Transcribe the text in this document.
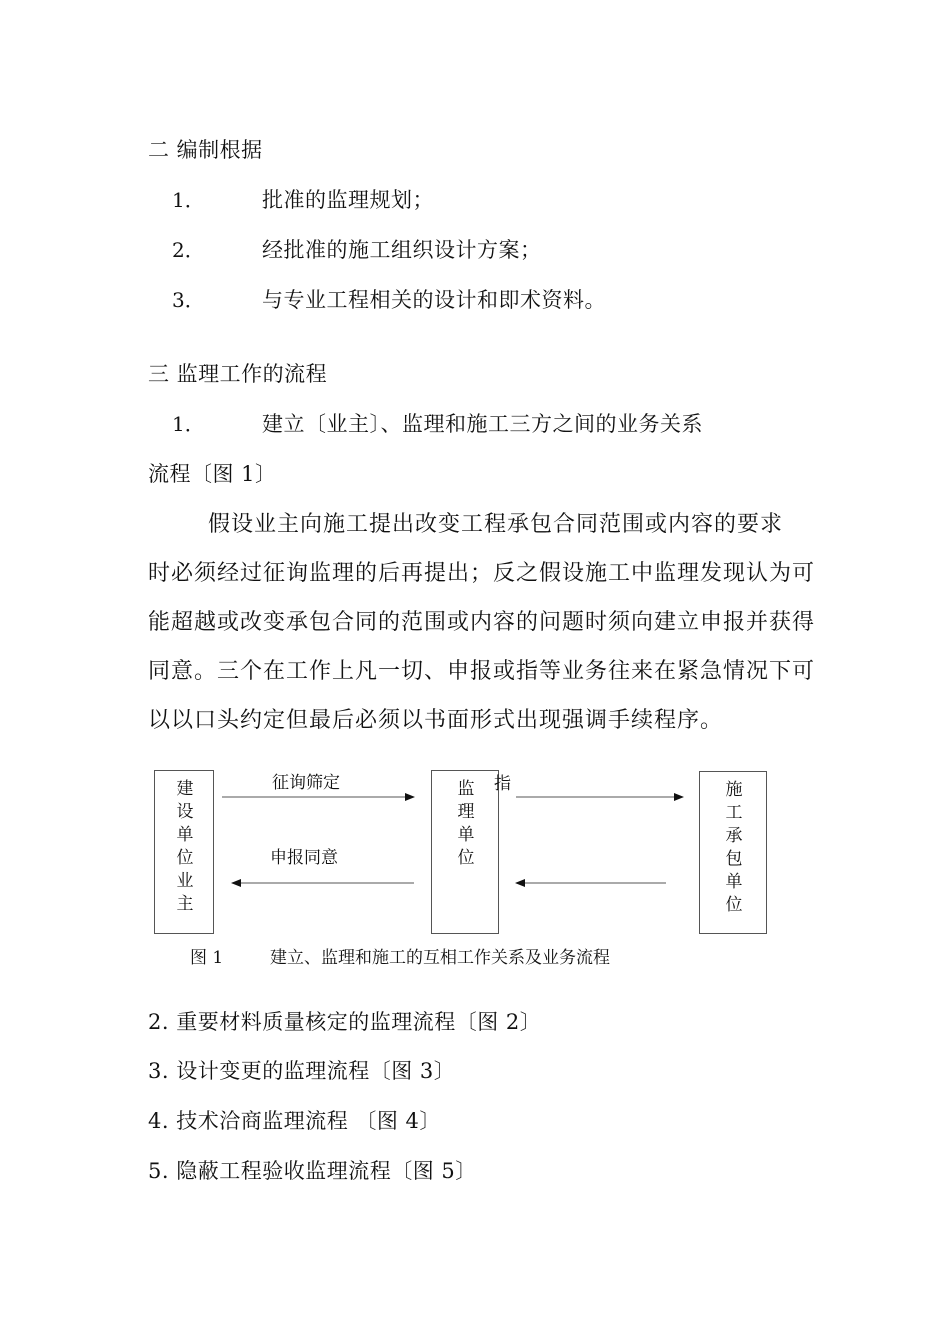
二 编制根据
1．	批准的监理规划；
2．	经批准的施工组织设计方案；
3．	与专业工程相关的设计和即术资料。
三 监理工作的流程
1．	建立〔业主〕、监理和施工三方之间的业务关系
流程〔图 1〕
假设业主向施工提出改变工程承包合同范围或内容的要求
时必须经过征询监理的后再提出；反之假设施工中监理发现认为可
能超越或改变承包合同的范围或内容的问题时须向建立申报并获得
同意。三个在工作上凡一切、申报或指等业务往来在紧急情况下可
以以口头约定但最后必须以书面形式出现强调手续程序。
建设单位业主
监理单位
施工承包单位
征询筛定	指
申报同意
图 1	建立、监理和施工的互相工作关系及业务流程
2. 重要材料质量核定的监理流程〔图 2〕
3. 设计变更的监理流程〔图 3〕
4. 技术洽商监理流程 〔图 4〕
5. 隐蔽工程验收监理流程〔图 5〕
